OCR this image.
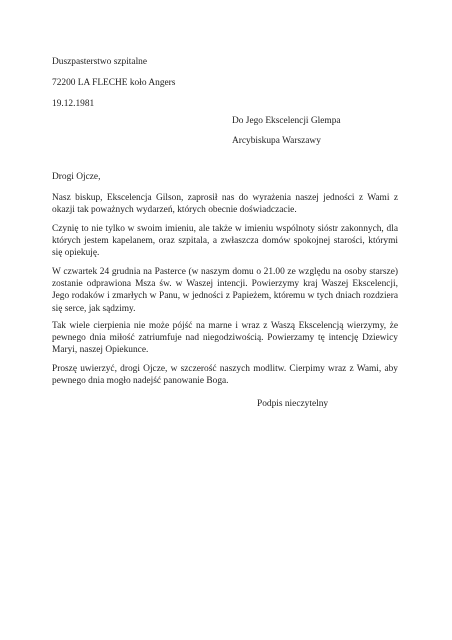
Duszpasterstwo szpitalne
72200 LA FLECHE koło Angers
19.12.1981
Do Jego Ekscelencji Glempa
Arcybiskupa Warszawy
Drogi Ojcze,
Nasz biskup, Ekscelencja Gilson, zaprosił nas do wyrażenia naszej jedności z Wami z okazji tak poważnych wydarzeń, których obecnie doświadczacie.
Czynię to nie tylko w swoim imieniu, ale także w imieniu wspólnoty sióstr zakonnych, dla których jestem kapelanem, oraz szpitala, a zwłaszcza domów spokojnej starości, którymi się opiekuję.
W czwartek 24 grudnia na Pasterce (w naszym domu o 21.00 ze względu na osoby starsze) zostanie odprawiona Msza św. w Waszej intencji. Powierzymy kraj Waszej Ekscelencji, Jego rodaków i zmarłych w Panu, w jedności z Papieżem, któremu w tych dniach rozdziera się serce, jak sądzimy.
Tak wiele cierpienia nie może pójść na marne i wraz z Waszą Ekscelencją wierzymy, że pewnego dnia miłość zatriumfuje nad niegodziwością. Powierzamy tę intencję Dziewicy Maryi, naszej Opiekunce.
Proszę uwierzyć, drogi Ojcze, w szczerość naszych modlitw. Cierpimy wraz z Wami, aby pewnego dnia mogło nadejść panowanie Boga.
Podpis nieczytelny
